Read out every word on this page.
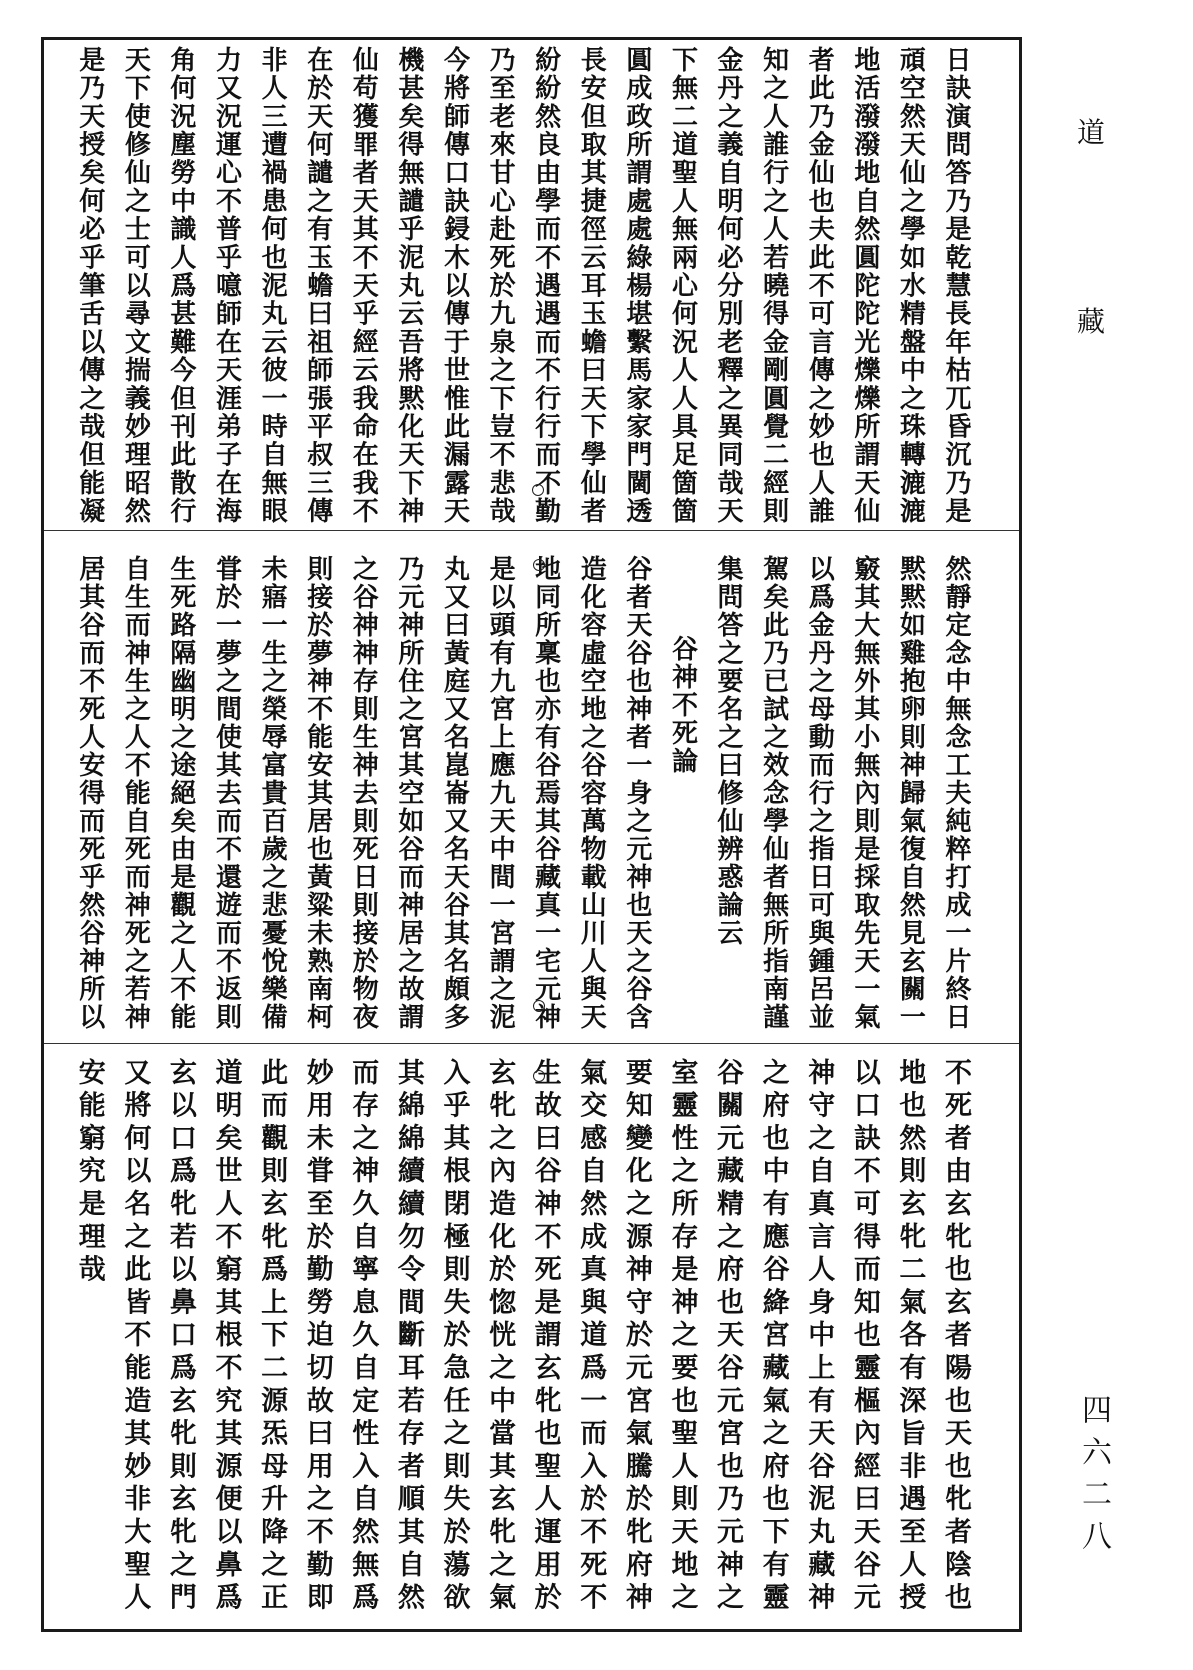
道
藏
四六二八
日訣演問答乃是乾慧長年枯兀昏沉乃是
頑空然天仙之學如水精盤中之珠轉漉漉
地活潑潑地自然圓陀陀光爍爍所謂天仙
者此乃金仙也夫此不可言傳之妙也人誰
知之人誰行之人若曉得金剛圓覺二經則
金丹之義自明何必分別老釋之異同哉天
下無二道聖人無兩心何況人人具足箇箇
圓成政所謂處處綠楊堪繫馬家家門閫透
長安但取其捷徑云耳玉蟾曰天下學仙者
紛紛然良由學而不遇遇而不行行而不勤
乃至老來甘心赴死於九泉之下豈不悲哉
今將師傳口訣鋟木以傳于世惟此漏露天
機甚矣得無譴乎泥丸云吾將黙化天下神
仙苟獲罪者天其不天乎經云我命在我不
在於天何譴之有玉蟾曰祖師張平叔三傳
非人三遭禍患何也泥丸云彼一時自無眼
力又況運心不普乎噫師在天涯弟子在海
角何況塵勞中識人爲甚難今但刊此散行
天下使修仙之士可以尋文揣義妙理昭然
是乃天授矣何必乎筆舌以傳之哉但能凝
然靜定念中無念工夫純粹打成一片終日
黙黙如雞抱卵則神歸氣復自然見玄關一
竅其大無外其小無內則是採取先天一氣
以爲金丹之母動而行之指日可與鍾呂並
駕矣此乃已試之效念學仙者無所指南謹
集問答之要名之曰修仙辨惑論云
谷神不死論
谷者天谷也神者一身之元神也天之谷含
造化容虛空地之谷容萬物載山川人與天
地同所稟也亦有谷焉其谷藏真一宅元神
是以頭有九宮上應九天中間一宮謂之泥
丸又曰黃庭又名崑崙又名天谷其名頗多
乃元神所住之宮其空如谷而神居之故謂
之谷神神存則生神去則死日則接於物夜
則接於夢神不能安其居也黃粱未熟南柯
未寤一生之榮辱富貴百歲之悲憂悅樂備
甞於一夢之間使其去而不還遊而不返則
生死路隔幽明之途絕矣由是觀之人不能
自生而神生之人不能自死而神死之若神
居其谷而不死人安得而死乎然谷神所以
不死者由玄牝也玄者陽也天也牝者陰也
地也然則玄牝二氣各有深旨非遇至人授
以口訣不可得而知也靈樞內經曰天谷元
神守之自真言人身中上有天谷泥丸藏神
之府也中有應谷絳宮藏氣之府也下有靈
谷關元藏精之府也天谷元宮也乃元神之
室靈性之所存是神之要也聖人則天地之
要知變化之源神守於元宮氣騰於牝府神
氣交感自然成真與道爲一而入於不死不
生故曰谷神不死是謂玄牝也聖人運用於
玄牝之內造化於惚恍之中當其玄牝之氣
入乎其根閉極則失於急任之則失於蕩欲
其綿綿續續勿令間斷耳若存者順其自然
而存之神久自寧息久自定性入自然無爲
妙用未甞至於勤勞迫切故曰用之不勤即
此而觀則玄牝爲上下二源炁母升降之正
道明矣世人不窮其根不究其源便以鼻爲
玄以口爲牝若以鼻口爲玄牝則玄牝之門
又將何以名之此皆不能造其妙非大聖人
安能窮究是理哉
